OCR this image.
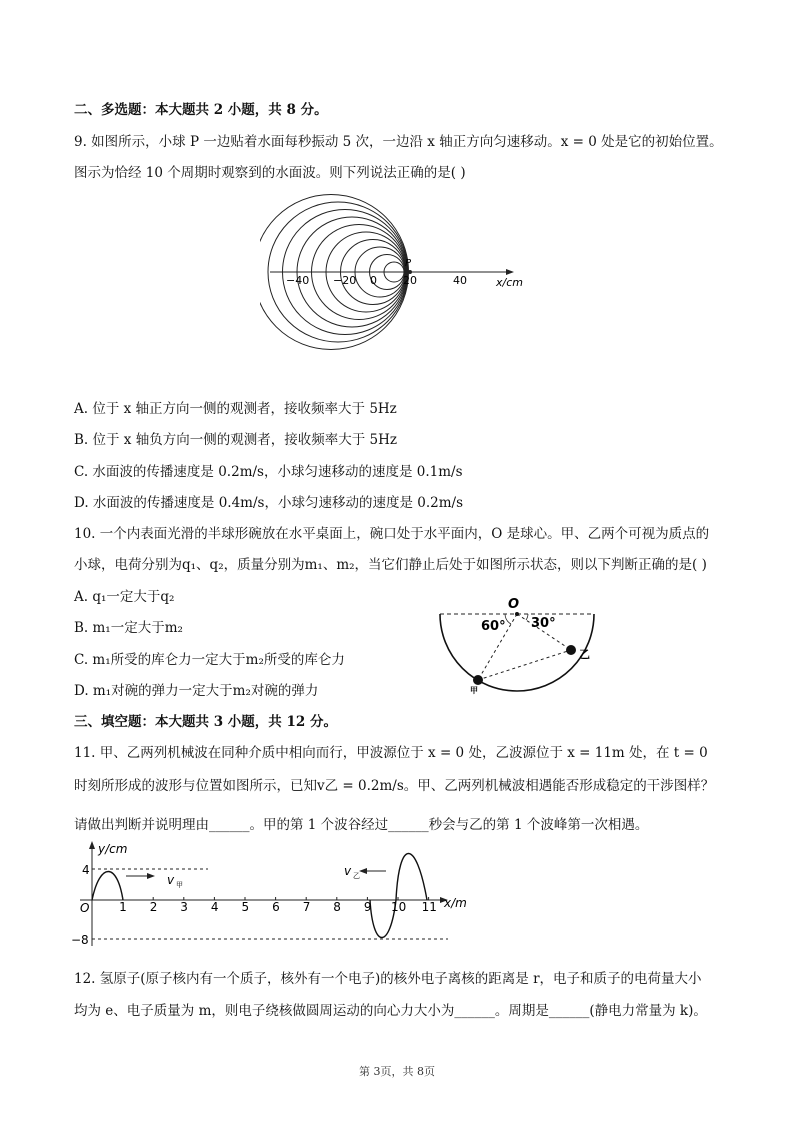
二、多选题：本大题共 2 小题，共 8 分。
9. 如图所示，小球 P 一边贴着水面每秒振动 5 次，一边沿 x 轴正方向匀速移动。x = 0 处是它的初始位置。
图示为恰经 10 个周期时观察到的水面波。则下列说法正确的是( )
P
−40 −20 0 20	40	x/cm
A. 位于 x 轴正方向一侧的观测者，接收频率大于 5Hz
B. 位于 x 轴负方向一侧的观测者，接收频率大于 5Hz
C. 水面波的传播速度是 0.2m/s，小球匀速移动的速度是 0.1m/s
D. 水面波的传播速度是 0.4m/s，小球匀速移动的速度是 0.2m/s
10. 一个内表面光滑的半球形碗放在水平桌面上，碗口处于水平面内，O 是球心。甲、乙两个可视为质点的
小球，电荷分别为q₁、q₂，质量分别为m₁、m₂，当它们静止后处于如图所示状态，则以下判断正确的是( )
A. q₁一定大于q₂
B. m₁一定大于m₂
C. m₁所受的库仑力一定大于m₂所受的库仑力
D. m₁对碗的弹力一定大于m₂对碗的弹力
O
60° 30°
乙
甲
三、填空题：本大题共 3 小题，共 12 分。
11. 甲、乙两列机械波在同种介质中相向而行，甲波源位于 x = 0 处，乙波源位于 x = 11m 处，在 t = 0
时刻所形成的波形与位置如图所示，已知v乙 = 0.2m/s。甲、乙两列机械波相遇能否形成稳定的干涉图样？
请做出判断并说明理由______。甲的第 1 个波谷经过______秒会与乙的第 1 个波峰第一次相遇。
y/cm
x/m
O
4
−8
v 甲
v 乙
1 2 3 4 5 6 7 8 9 10 11
12. 氢原子(原子核内有一个质子，核外有一个电子)的核外电子离核的距离是 r，电子和质子的电荷量大小
均为 e、电子质量为 m，则电子绕核做圆周运动的向心力大小为______。周期是______(静电力常量为 k)。
第 3页，共 8页
